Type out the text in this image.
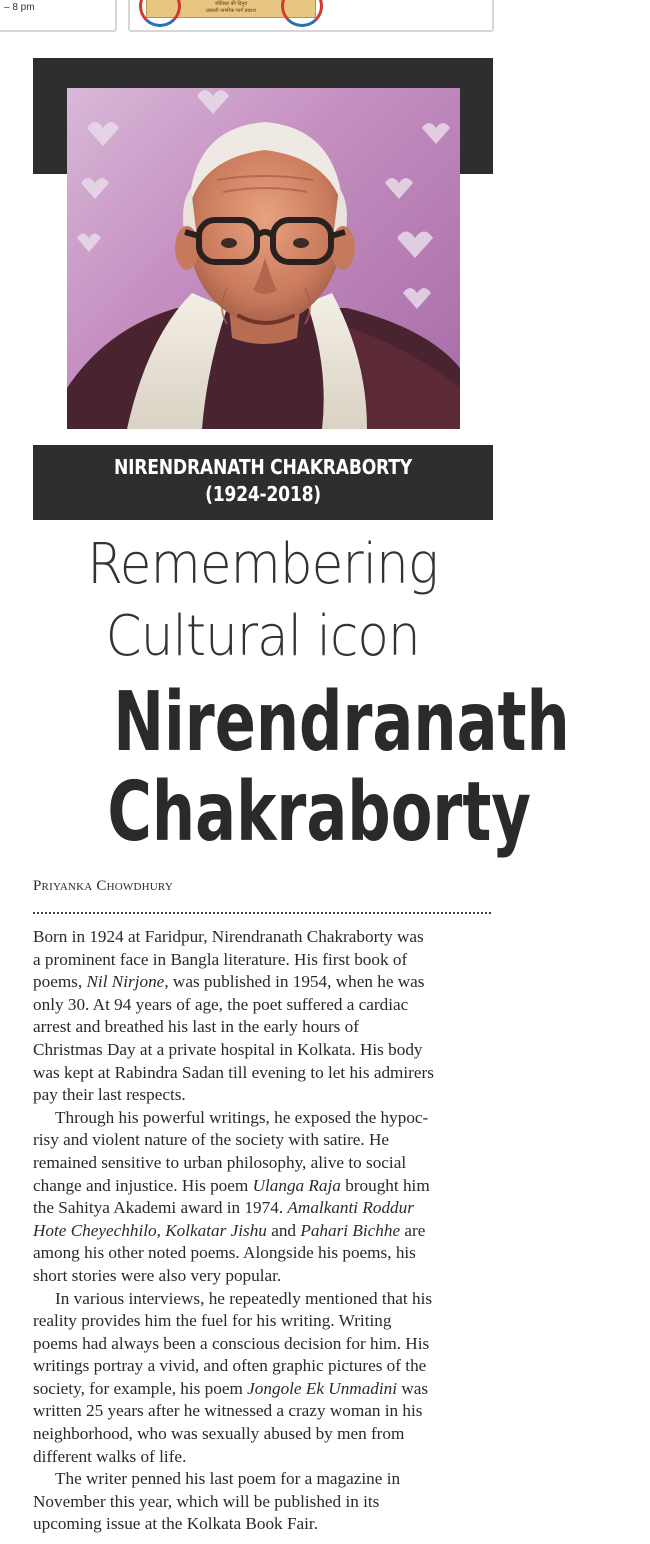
– 8 pm	जीतिका की दिनुय
प्रकाशी नागरिक मार्ग प्रकाश
NIRENDRANATH CHAKRABORTY
(1924-2018)
Remembering
Cultural icon
Nirendranath
Chakraborty
Priyanka Chowdhury

Born in 1924 at Faridpur, Nirendranath Chakraborty was

a prominent face in Bangla literature. His first book of

poems, Nil Nirjone, was published in 1954, when he was

only 30. At 94 years of age, the poet suffered a cardiac

arrest and breathed his last in the early hours of

Christmas Day at a private hospital in Kolkata. His body

was kept at Rabindra Sadan till evening to let his admirers

pay their last respects.

Through his powerful writings, he exposed the hypoc-

risy and violent nature of the society with satire. He

remained sensitive to urban philosophy, alive to social

change and injustice. His poem Ulanga Raja brought him

the Sahitya Akademi award in 1974. Amalkanti Roddur

Hote Cheyechhilo, Kolkatar Jishu and Pahari Bichhe are

among his other noted poems. Alongside his poems, his

short stories were also very popular.

In various interviews, he repeatedly mentioned that his

reality provides him the fuel for his writing. Writing

poems had always been a conscious decision for him. His

writings portray a vivid, and often graphic pictures of the

society, for example, his poem Jongole Ek Unmadini was

written 25 years after he witnessed a crazy woman in his

neighborhood, who was sexually abused by men from

different walks of life.

The writer penned his last poem for a magazine in

November this year, which will be published in its

upcoming issue at the Kolkata Book Fair.
